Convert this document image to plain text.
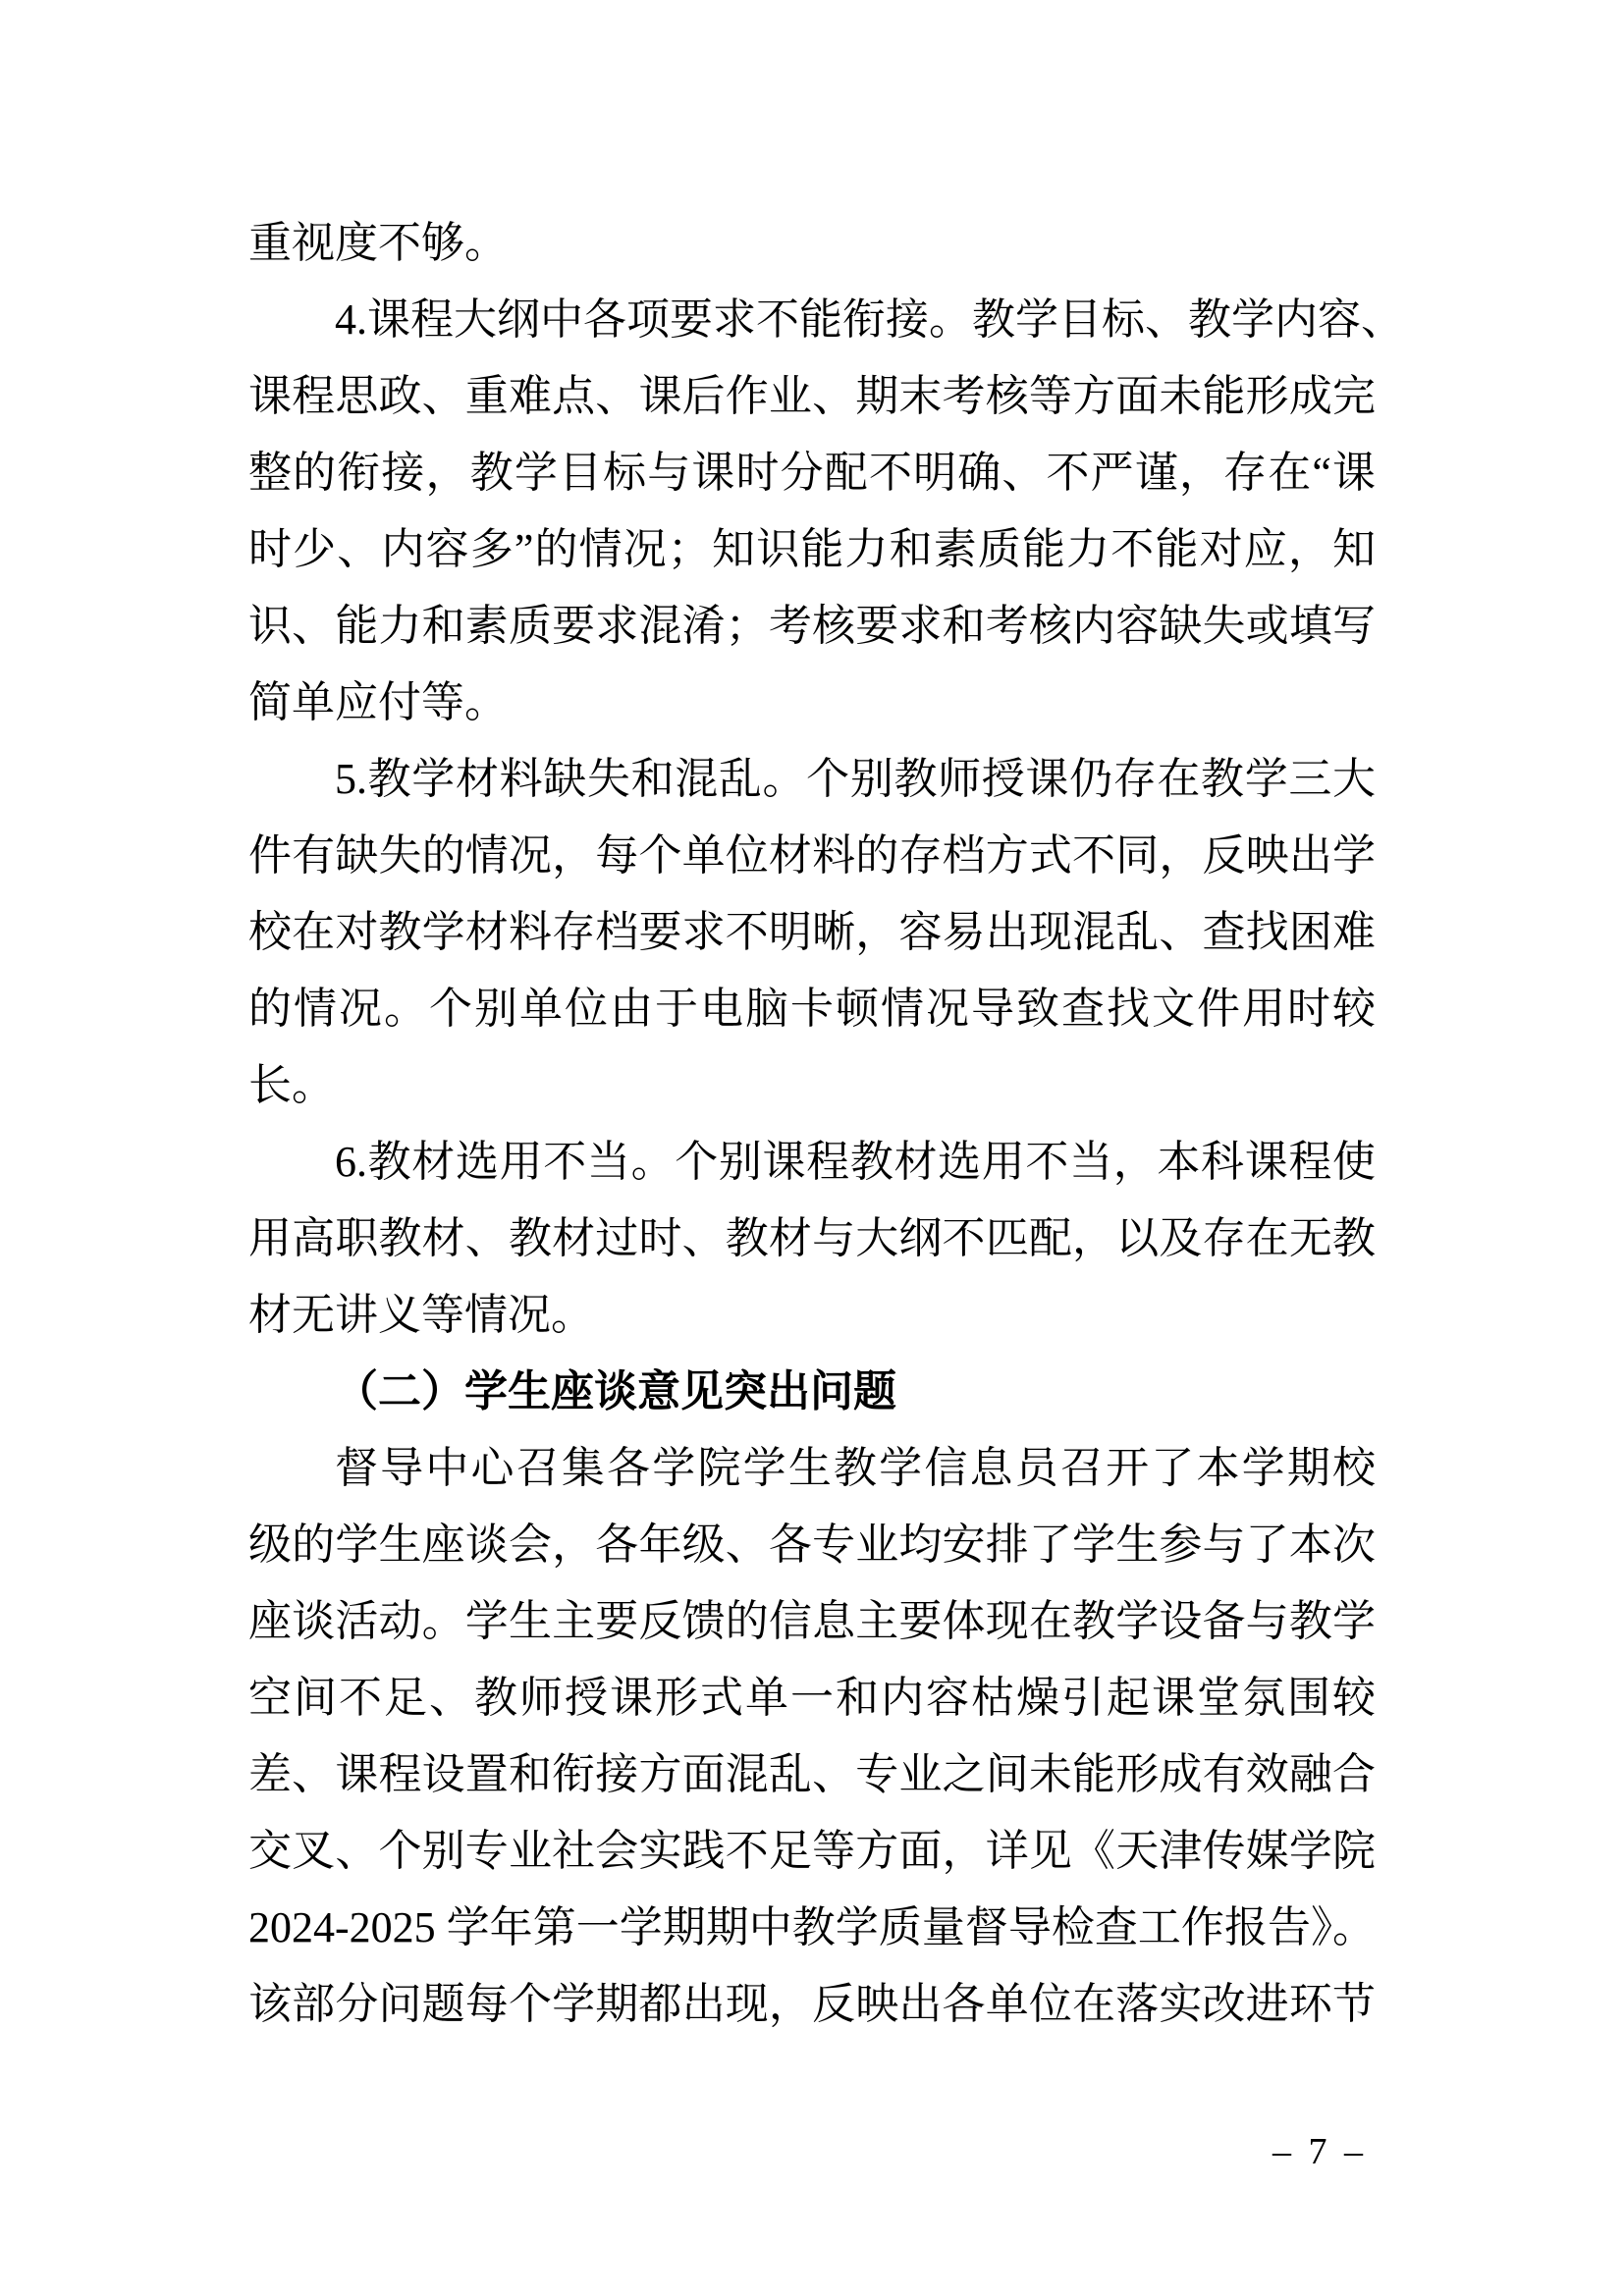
重视度不够。
4.课程大纲中各项要求不能衔接。教学目标、教学内容、
课程思政、重难点、课后作业、期末考核等方面未能形成完
整的衔接，教学目标与课时分配不明确、不严谨，存在“课
时少、内容多”的情况；知识能力和素质能力不能对应，知
识、能力和素质要求混淆；考核要求和考核内容缺失或填写
简单应付等。
5.教学材料缺失和混乱。个别教师授课仍存在教学三大
件有缺失的情况，每个单位材料的存档方式不同，反映出学
校在对教学材料存档要求不明晰，容易出现混乱、查找困难
的情况。个别单位由于电脑卡顿情况导致查找文件用时较
长。
6.教材选用不当。个别课程教材选用不当，本科课程使
用高职教材、教材过时、教材与大纲不匹配，以及存在无教
材无讲义等情况。
（二）学生座谈意见突出问题
督导中心召集各学院学生教学信息员召开了本学期校
级的学生座谈会，各年级、各专业均安排了学生参与了本次
座谈活动。学生主要反馈的信息主要体现在教学设备与教学
空间不足、教师授课形式单一和内容枯燥引起课堂氛围较
差、课程设置和衔接方面混乱、专业之间未能形成有效融合
交叉、个别专业社会实践不足等方面，详见《天津传媒学院
2024-2025 学年第一学期期中教学质量督导检查工作报告》。
该部分问题每个学期都出现，反映出各单位在落实改进环节
– 7 –
